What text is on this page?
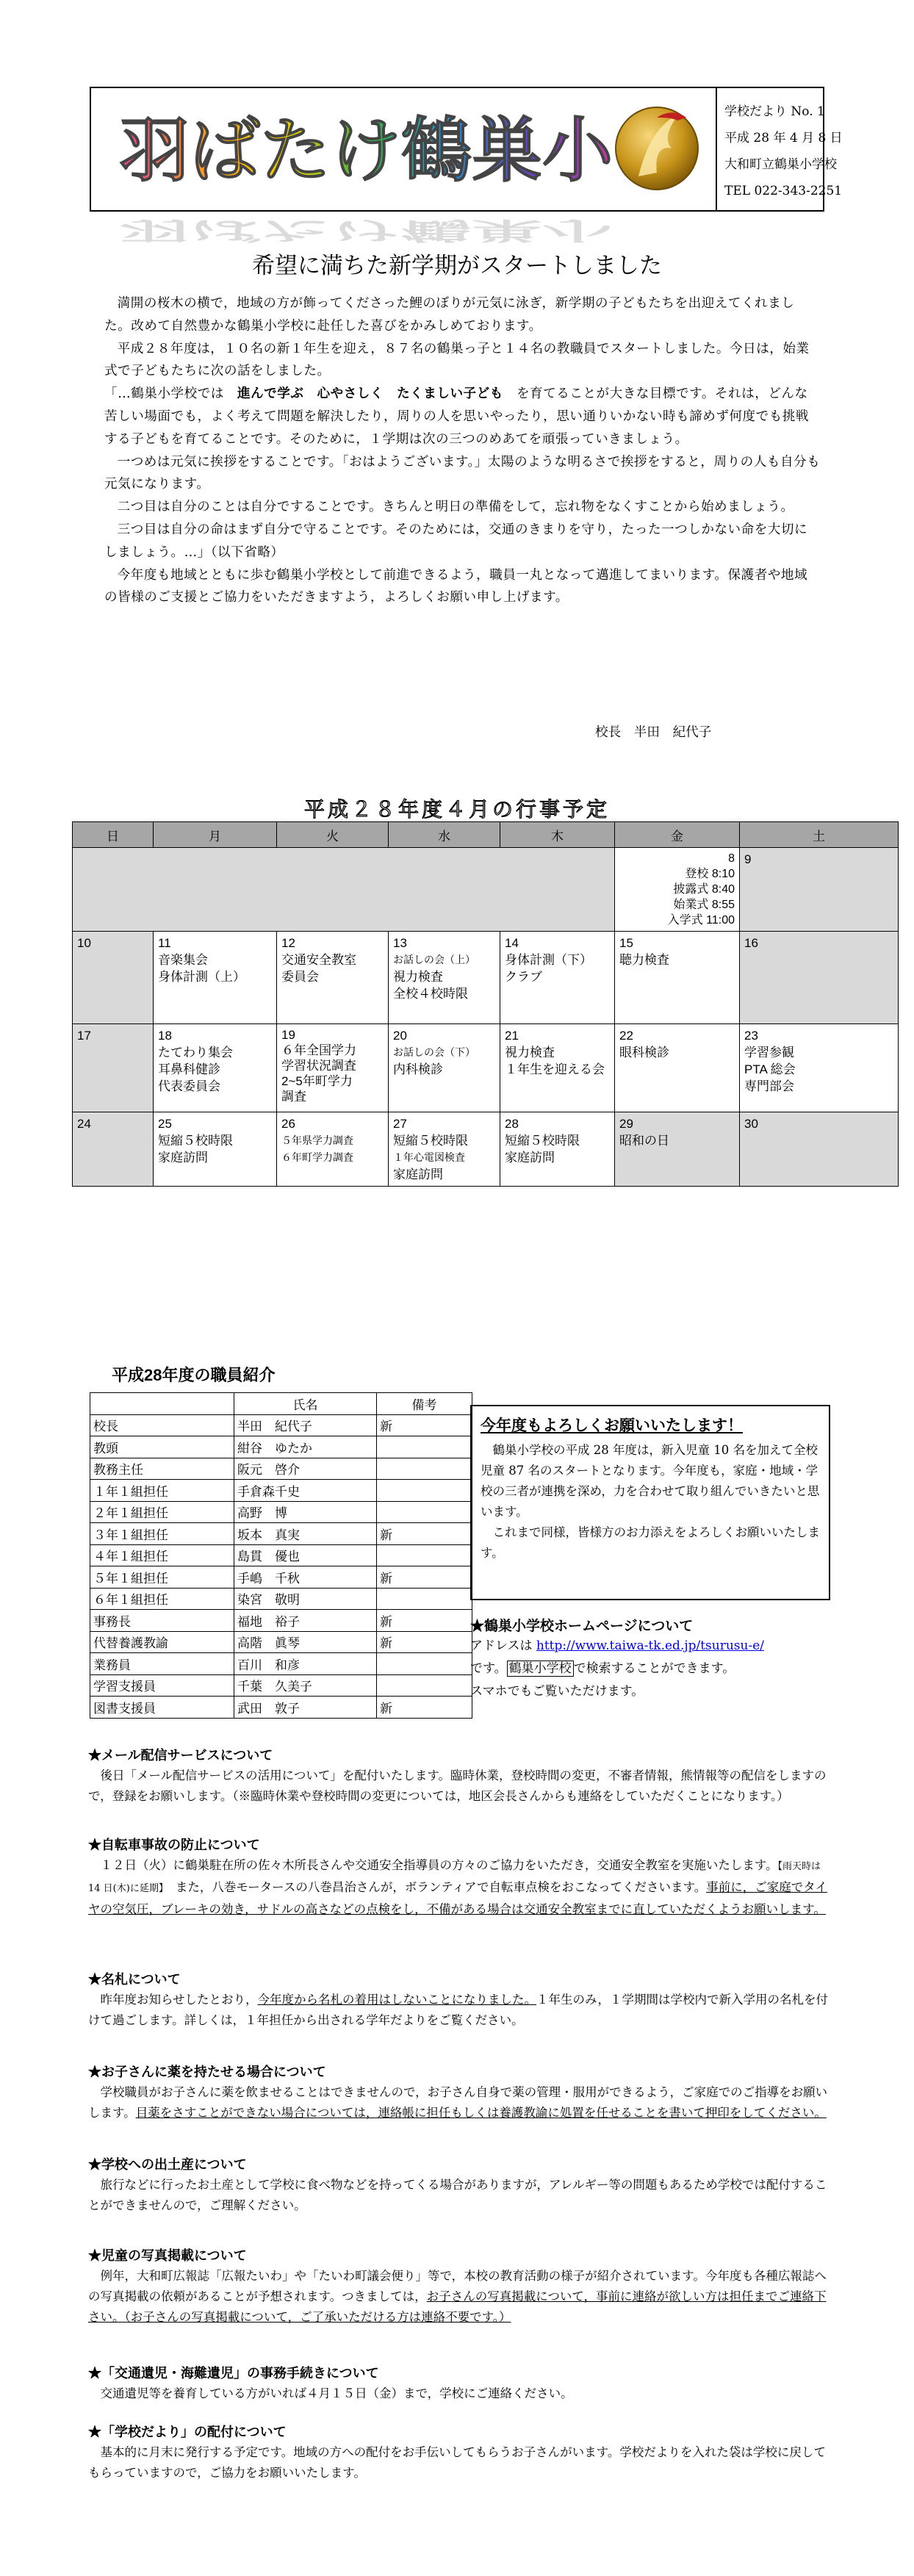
羽ばたけ鶴巣小
羽ばたけ鶴巣小
学校だより No. 1
平成 28 年 4 月 8 日
大和町立鶴巣小学校
TEL 022-343-2251
希望に満ちた新学期がスタートしました

満開の桜木の横で，地域の方が飾ってくださった鯉のぼりが元気に泳ぎ，新学期の子どもたちを出迎えてくれました。改めて自然豊かな鶴巣小学校に赴任した喜びをかみしめております。

平成２８年度は，１０名の新１年生を迎え，８７名の鶴巣っ子と１４名の教職員でスタートしました。今日は，始業式で子どもたちに次の話をしました。

「…鶴巣小学校では　進んで学ぶ　心やさしく　たくましい子ども　を育てることが大きな目標です。それは，どんな苦しい場面でも，よく考えて問題を解決したり，周りの人を思いやったり，思い通りいかない時も諦めず何度でも挑戦する子どもを育てることです。そのために，１学期は次の三つのめあてを頑張っていきましょう。

一つめは元気に挨拶をすることです。「おはようございます。」太陽のような明るさで挨拶をすると，周りの人も自分も元気になります。

二つ目は自分のことは自分ですることです。きちんと明日の準備をして，忘れ物をなくすことから始めましょう。

三つ目は自分の命はまず自分で守ることです。そのためには，交通のきまりを守り，たった一つしかない命を大切にしましょう。…」（以下省略）

今年度も地域とともに歩む鶴巣小学校として前進できるよう，職員一丸となって邁進してまいります。保護者や地域の皆様のご支援とご協力をいただきますよう，よろしくお願い申し上げます。

校長　半田　紀代子
平成２８年度４月の行事予定
日	月	火	水	木	金	土

					8
登校 8:10
披露式 8:40
始業式 8:55
入学式 11:00	9

10	11
音楽集会
身体計測（上）	12
交通安全教室
委員会	13
お話しの会（上）
視力検査
全校４校時限	14
身体計測（下）
クラブ	15
聴力検査	16

17	18
たてわり集会
耳鼻科健診
代表委員会	19
６年全国学力
学習状況調査
2~5年町学力
調査	20
お話しの会（下）
内科検診	21
視力検査
１年生を迎える会	22
眼科検診	23
学習参観
PTA 総会
専門部会

24	25
短縮５校時限
家庭訪問	26
５年県学力調査
６年町学力調査	27
短縮５校時限
１年心電図検査
家庭訪問	28
短縮５校時限
家庭訪問	29
昭和の日	30
平成28年度の職員紹介
	氏名	備考
校長	半田　紀代子	新
教頭	紺谷　ゆたか	
教務主任	阪元　啓介	
１年１組担任	手倉森千史	
２年１組担任	高野　博	
３年１組担任	坂本　真実	新
４年１組担任	島貫　優也	
５年１組担任	手嶋　千秋	新
６年１組担任	染宮　敬明	
事務長	福地　裕子	新
代替養護教諭	高階　眞琴	新
業務員	百川　和彦	
学習支援員	千葉　久美子	
図書支援員	武田　敦子	新
今年度もよろしくお願いいたします！

鶴巣小学校の平成 28 年度は，新入児童 10 名を加えて全校児童 87 名のスタートとなります。今年度も，家庭・地域・学校の三者が連携を深め，力を合わせて取り組んでいきたいと思います。

これまで同様，皆様方のお力添えをよろしくお願いいたします。

★鶴巣小学校ホームページについて

アドレスは http://www.taiwa-tk.ed.jp/tsurusu-e/

です。 鶴巣小学校 で検索することができます。

スマホでもご覧いただけます。

★メール配信サービスについて

後日「メール配信サービスの活用について」を配付いたします。臨時休業，登校時間の変更，不審者情報，熊情報等の配信をしますので，登録をお願いします。（※臨時休業や登校時間の変更については，地区会長さんからも連絡をしていただくことになります。）

★自転車事故の防止について

１２日（火）に鶴巣駐在所の佐々木所長さんや交通安全指導員の方々のご協力をいただき，交通安全教室を実施いたします。【雨天時は 14 日(木)に延期】　 また，八巻モータースの八巻昌治さんが，ボランティアで自転車点検をおこなってくださいます。事前に，ご家庭でタイヤの空気圧，ブレーキの効き，サドルの高さなどの点検をし，不備がある場合は交通安全教室までに直していただくようお願いします。

★名札について

昨年度お知らせしたとおり，今年度から名札の着用はしないことになりました。１年生のみ，１学期間は学校内で新入学用の名札を付けて過ごします。詳しくは，１年担任から出される学年だよりをご覧ください。

★お子さんに薬を持たせる場合について

学校職員がお子さんに薬を飲ませることはできませんので，お子さん自身で薬の管理・服用ができるよう，ご家庭でのご指導をお願いします。目薬をさすことができない場合については，連絡帳に担任もしくは養護教諭に処置を任せることを書いて押印をしてください。

★学校への出土産について

旅行などに行ったお土産として学校に食べ物などを持ってくる場合がありますが，アレルギー等の問題もあるため学校では配付することができませんので，ご理解ください。

★児童の写真掲載について

例年，大和町広報誌「広報たいわ」や「たいわ町議会便り」等で，本校の教育活動の様子が紹介されています。今年度も各種広報誌への写真掲載の依頼があることが予想されます。つきましては，お子さんの写真掲載について，事前に連絡が欲しい方は担任までご連絡下さい。（お子さんの写真掲載について，ご了承いただける方は連絡不要です。）

★「交通遺児・海難遺児」の事務手続きについて

交通遺児等を養育している方がいれば４月１５日（金）まで，学校にご連絡ください。

★「学校だより」の配付について

基本的に月末に発行する予定です。地域の方への配付をお手伝いしてもらうお子さんがいます。学校だよりを入れた袋は学校に戻してもらっていますので，ご協力をお願いいたします。
